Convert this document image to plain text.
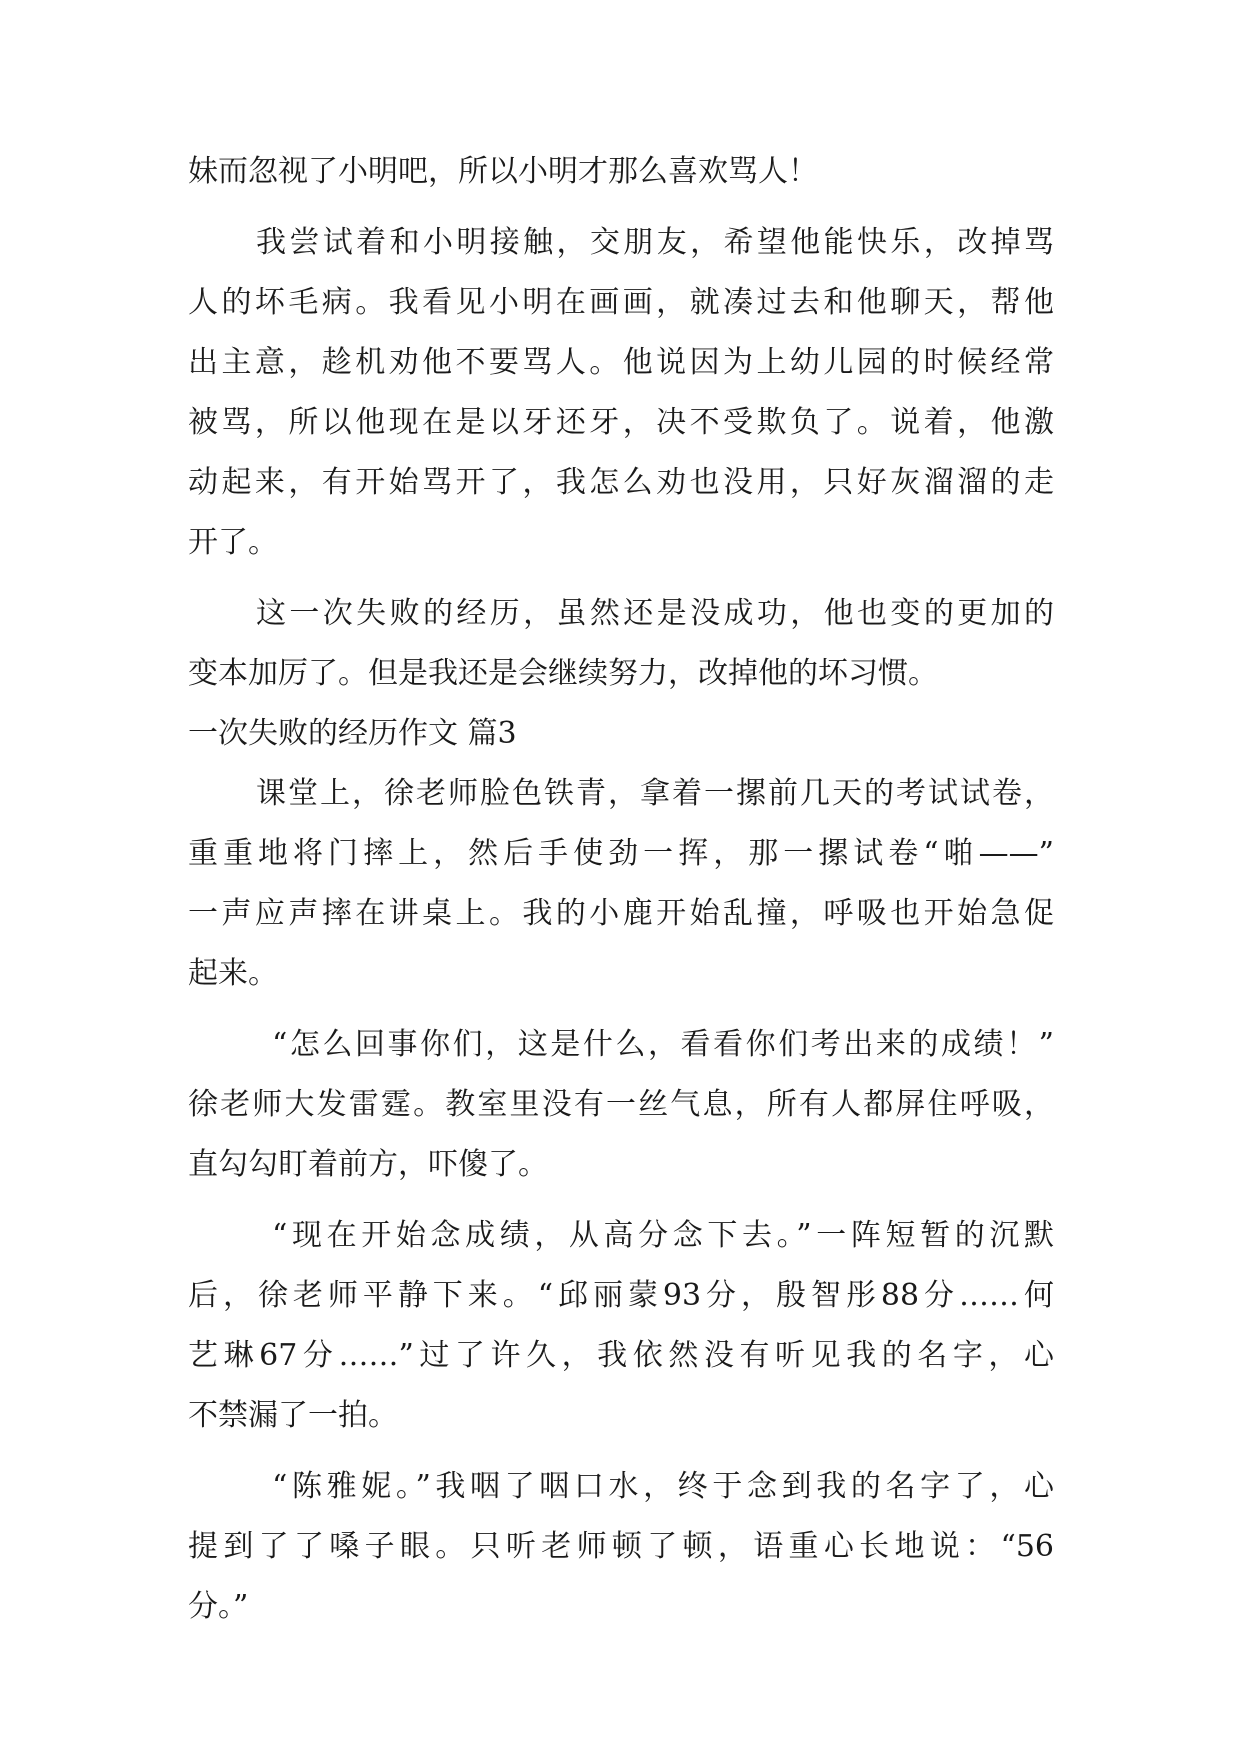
妹而忽视了小明吧，所以小明才那么喜欢骂人！
我尝试着和小明接触，交朋友，希望他能快乐，改掉骂
人的坏毛病。我看见小明在画画，就凑过去和他聊天，帮他
出主意，趁机劝他不要骂人。他说因为上幼儿园的时候经常
被骂，所以他现在是以牙还牙，决不受欺负了。说着，他激
动起来，有开始骂开了，我怎么劝也没用，只好灰溜溜的走
开了。
这一次失败的经历，虽然还是没成功，他也变的更加的
变本加厉了。但是我还是会继续努力，改掉他的坏习惯。
一次失败的经历作文 篇3
课堂上，徐老师脸色铁青，拿着一摞前几天的考试试卷，
重重地将门摔上，然后手使劲一挥，那一摞试卷“啪——”
一声应声摔在讲桌上。我的小鹿开始乱撞，呼吸也开始急促
起来。
“怎么回事你们，这是什么，看看你们考出来的成绩！”
徐老师大发雷霆。教室里没有一丝气息，所有人都屏住呼吸，
直勾勾盯着前方，吓傻了。
“现在开始念成绩，从高分念下去。”一阵短暂的沉默
后，徐老师平静下来。“邱丽蒙93分，殷智彤88分……何
艺琳67分……”过了许久，我依然没有听见我的名字，心
不禁漏了一拍。
“陈雅妮。”我咽了咽口水，终于念到我的名字了，心
提到了了嗓子眼。只听老师顿了顿，语重心长地说：“56
分。”
